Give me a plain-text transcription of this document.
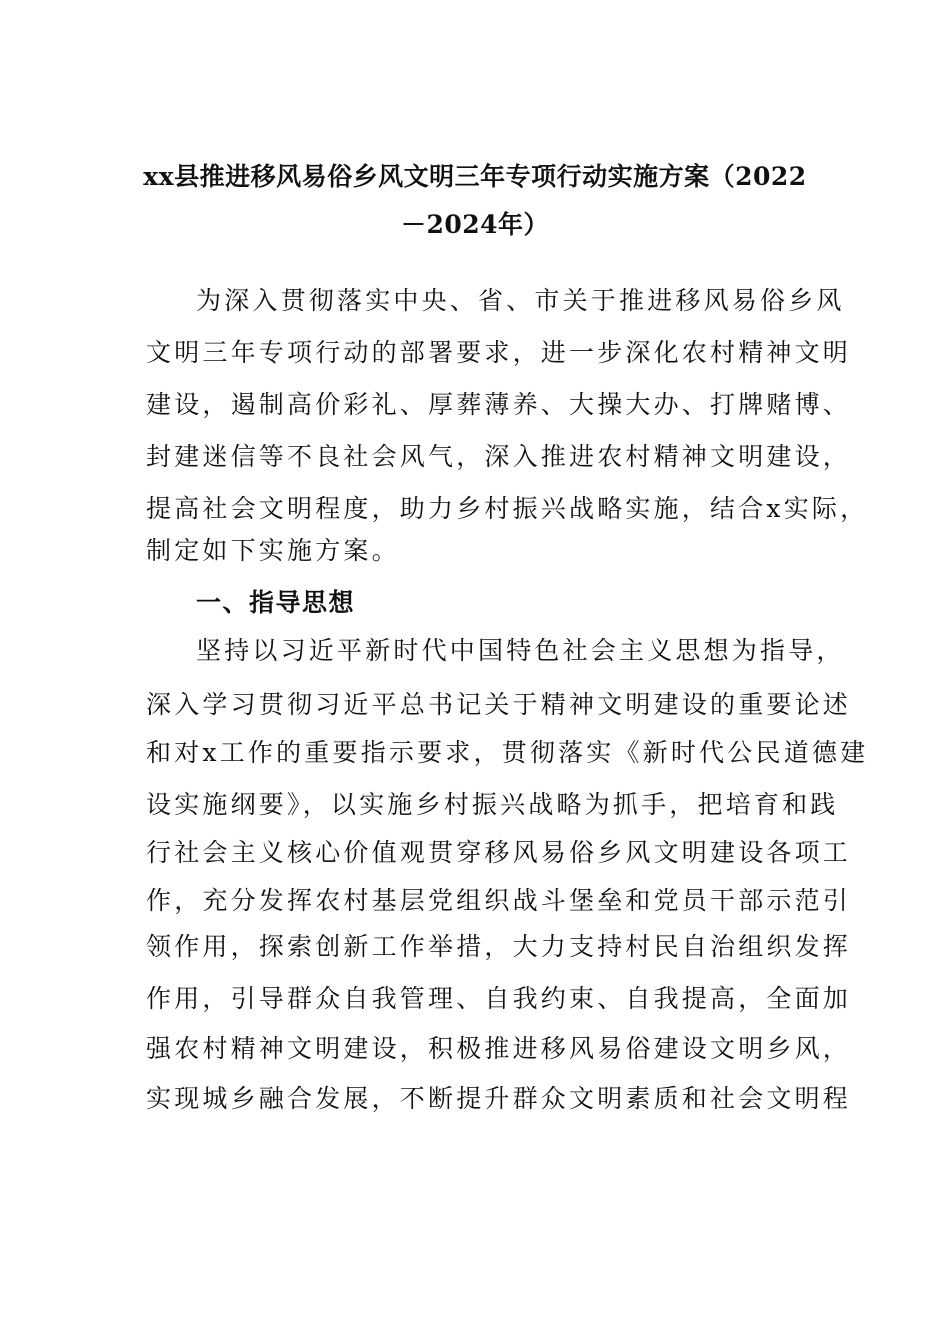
xx县推进移风易俗乡风文明三年专项行动实施方案（2022
－2024年）
为深入贯彻落实中央、省、市关于推进移风易俗乡风
文明三年专项行动的部署要求，进一步深化农村精神文明
建设，遏制高价彩礼、厚葬薄养、大操大办、打牌赌博、
封建迷信等不良社会风气，深入推进农村精神文明建设，
提高社会文明程度，助力乡村振兴战略实施，结合x实际，
制定如下实施方案。
一、指导思想
坚持以习近平新时代中国特色社会主义思想为指导，
深入学习贯彻习近平总书记关于精神文明建设的重要论述
和对x工作的重要指示要求，贯彻落实《新时代公民道德建
设实施纲要》，以实施乡村振兴战略为抓手，把培育和践
行社会主义核心价值观贯穿移风易俗乡风文明建设各项工
作，充分发挥农村基层党组织战斗堡垒和党员干部示范引
领作用，探索创新工作举措，大力支持村民自治组织发挥
作用，引导群众自我管理、自我约束、自我提高，全面加
强农村精神文明建设，积极推进移风易俗建设文明乡风，
实现城乡融合发展，不断提升群众文明素质和社会文明程
